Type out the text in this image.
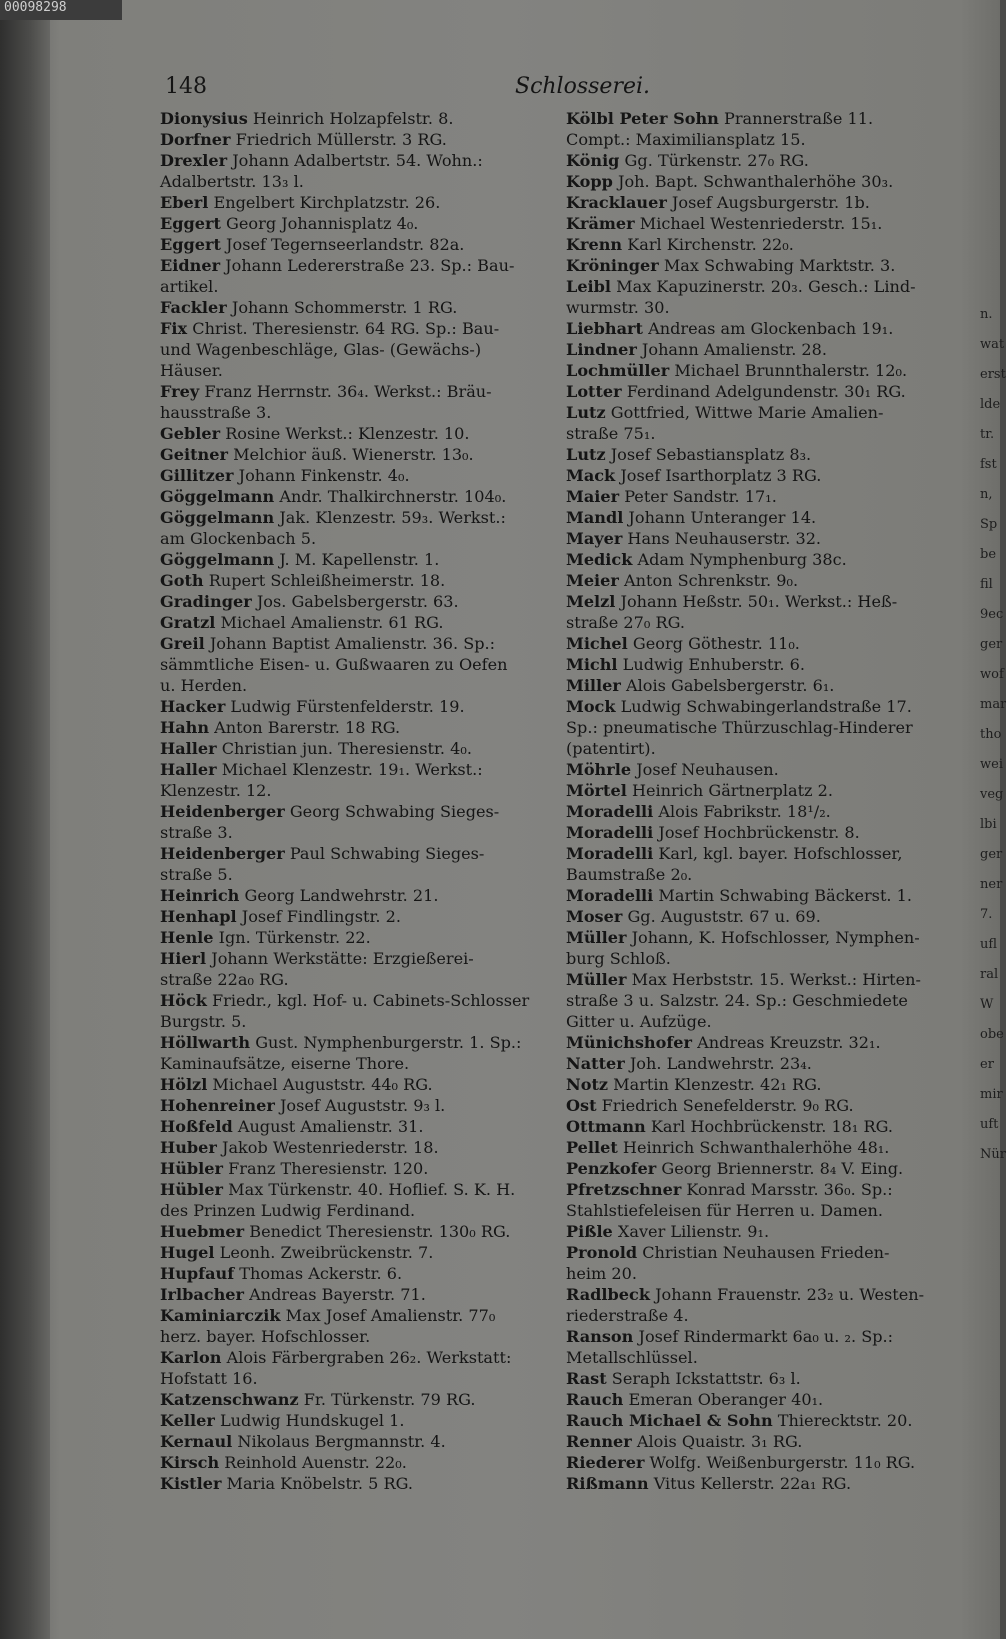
00098298
n.
wat
erst
lde
tr.
fst
n,
Sp
be
fil
9ec
ger
wof
mar
tho
wei
veg
lbi
ger
ner
7.
ufl
ral
W
obe
er
mir
uft
Nür
148	Schlosserei.
Dionysius Heinrich Holzapfelstr. 8.
Dorfner Friedrich Müllerstr. 3 RG.
Drexler Johann Adalbertstr. 54. Wohn.:
Adalbertstr. 13₃ l.
Eberl Engelbert Kirchplatzstr. 26.
Eggert Georg Johannisplatz 4₀.
Eggert Josef Tegernseerlandstr. 82a.
Eidner Johann Ledererstraße 23. Sp.: Bau-
artikel.
Fackler Johann Schommerstr. 1 RG.
Fix Christ. Theresienstr. 64 RG. Sp.: Bau-
und Wagenbeschläge, Glas- (Gewächs-)
Häuser.
Frey Franz Herrnstr. 36₄. Werkst.: Bräu-
hausstraße 3.
Gebler Rosine Werkst.: Klenzestr. 10.
Geitner Melchior äuß. Wienerstr. 13₀.
Gillitzer Johann Finkenstr. 4₀.
Göggelmann Andr. Thalkirchnerstr. 104₀.
Göggelmann Jak. Klenzestr. 59₃. Werkst.:
am Glockenbach 5.
Göggelmann J. M. Kapellenstr. 1.
Goth Rupert Schleißheimerstr. 18.
Gradinger Jos. Gabelsbergerstr. 63.
Gratzl Michael Amalienstr. 61 RG.
Greil Johann Baptist Amalienstr. 36. Sp.:
sämmtliche Eisen- u. Gußwaaren zu Oefen
u. Herden.
Hacker Ludwig Fürstenfelderstr. 19.
Hahn Anton Barerstr. 18 RG.
Haller Christian jun. Theresienstr. 4₀.
Haller Michael Klenzestr. 19₁. Werkst.:
Klenzestr. 12.
Heidenberger Georg Schwabing Sieges-
straße 3.
Heidenberger Paul Schwabing Sieges-
straße 5.
Heinrich Georg Landwehrstr. 21.
Henhapl Josef Findlingstr. 2.
Henle Ign. Türkenstr. 22.
Hierl Johann Werkstätte: Erzgießerei-
straße 22a₀ RG.
Höck Friedr., kgl. Hof- u. Cabinets-Schlosser
Burgstr. 5.
Höllwarth Gust. Nymphenburgerstr. 1. Sp.:
Kaminaufsätze, eiserne Thore.
Hölzl Michael Auguststr. 44₀ RG.
Hohenreiner Josef Auguststr. 9₃ l.
Hoßfeld August Amalienstr. 31.
Huber Jakob Westenriederstr. 18.
Hübler Franz Theresienstr. 120.
Hübler Max Türkenstr. 40. Hoflief. S. K. H.
des Prinzen Ludwig Ferdinand.
Huebmer Benedict Theresienstr. 130₀ RG.
Hugel Leonh. Zweibrückenstr. 7.
Hupfauf Thomas Ackerstr. 6.
Irlbacher Andreas Bayerstr. 71.
Kaminiarczik Max Josef Amalienstr. 77₀
herz. bayer. Hofschlosser.
Karlon Alois Färbergraben 26₂. Werkstatt:
Hofstatt 16.
Katzenschwanz Fr. Türkenstr. 79 RG.
Keller Ludwig Hundskugel 1.
Kernaul Nikolaus Bergmannstr. 4.
Kirsch Reinhold Auenstr. 22₀.
Kistler Maria Knöbelstr. 5 RG.
Kölbl Peter Sohn Prannerstraße 11.
Compt.: Maximiliansplatz 15.
König Gg. Türkenstr. 27₀ RG.
Kopp Joh. Bapt. Schwanthalerhöhe 30₃.
Kracklauer Josef Augsburgerstr. 1b.
Krämer Michael Westenriederstr. 15₁.
Krenn Karl Kirchenstr. 22₀.
Kröninger Max Schwabing Marktstr. 3.
Leibl Max Kapuzinerstr. 20₃. Gesch.: Lind-
wurmstr. 30.
Liebhart Andreas am Glockenbach 19₁.
Lindner Johann Amalienstr. 28.
Lochmüller Michael Brunnthalerstr. 12₀.
Lotter Ferdinand Adelgundenstr. 30₁ RG.
Lutz Gottfried, Wittwe Marie Amalien-
straße 75₁.
Lutz Josef Sebastiansplatz 8₃.
Mack Josef Isarthorplatz 3 RG.
Maier Peter Sandstr. 17₁.
Mandl Johann Unteranger 14.
Mayer Hans Neuhauserstr. 32.
Medick Adam Nymphenburg 38c.
Meier Anton Schrenkstr. 9₀.
Melzl Johann Heßstr. 50₁. Werkst.: Heß-
straße 27₀ RG.
Michel Georg Göthestr. 11₀.
Michl Ludwig Enhuberstr. 6.
Miller Alois Gabelsbergerstr. 6₁.
Mock Ludwig Schwabingerlandstraße 17.
Sp.: pneumatische Thürzuschlag-Hinderer
(patentirt).
Möhrle Josef Neuhausen.
Mörtel Heinrich Gärtnerplatz 2.
Moradelli Alois Fabrikstr. 18¹/₂.
Moradelli Josef Hochbrückenstr. 8.
Moradelli Karl, kgl. bayer. Hofschlosser,
Baumstraße 2₀.
Moradelli Martin Schwabing Bäckerst. 1.
Moser Gg. Auguststr. 67 u. 69.
Müller Johann, K. Hofschlosser, Nymphen-
burg Schloß.
Müller Max Herbststr. 15. Werkst.: Hirten-
straße 3 u. Salzstr. 24. Sp.: Geschmiedete
Gitter u. Aufzüge.
Münichshofer Andreas Kreuzstr. 32₁.
Natter Joh. Landwehrstr. 23₄.
Notz Martin Klenzestr. 42₁ RG.
Ost Friedrich Senefelderstr. 9₀ RG.
Ottmann Karl Hochbrückenstr. 18₁ RG.
Pellet Heinrich Schwanthalerhöhe 48₁.
Penzkofer Georg Briennerstr. 8₄ V. Eing.
Pfretzschner Konrad Marsstr. 36₀. Sp.:
Stahlstiefeleisen für Herren u. Damen.
Pißle Xaver Lilienstr. 9₁.
Pronold Christian Neuhausen Frieden-
heim 20.
Radlbeck Johann Frauenstr. 23₂ u. Westen-
riederstraße 4.
Ranson Josef Rindermarkt 6a₀ u. ₂. Sp.:
Metallschlüssel.
Rast Seraph Ickstattstr. 6₃ l.
Rauch Emeran Oberanger 40₁.
Rauch Michael & Sohn Thierecktstr. 20.
Renner Alois Quaistr. 3₁ RG.
Riederer Wolfg. Weißenburgerstr. 11₀ RG.
Rißmann Vitus Kellerstr. 22a₁ RG.
